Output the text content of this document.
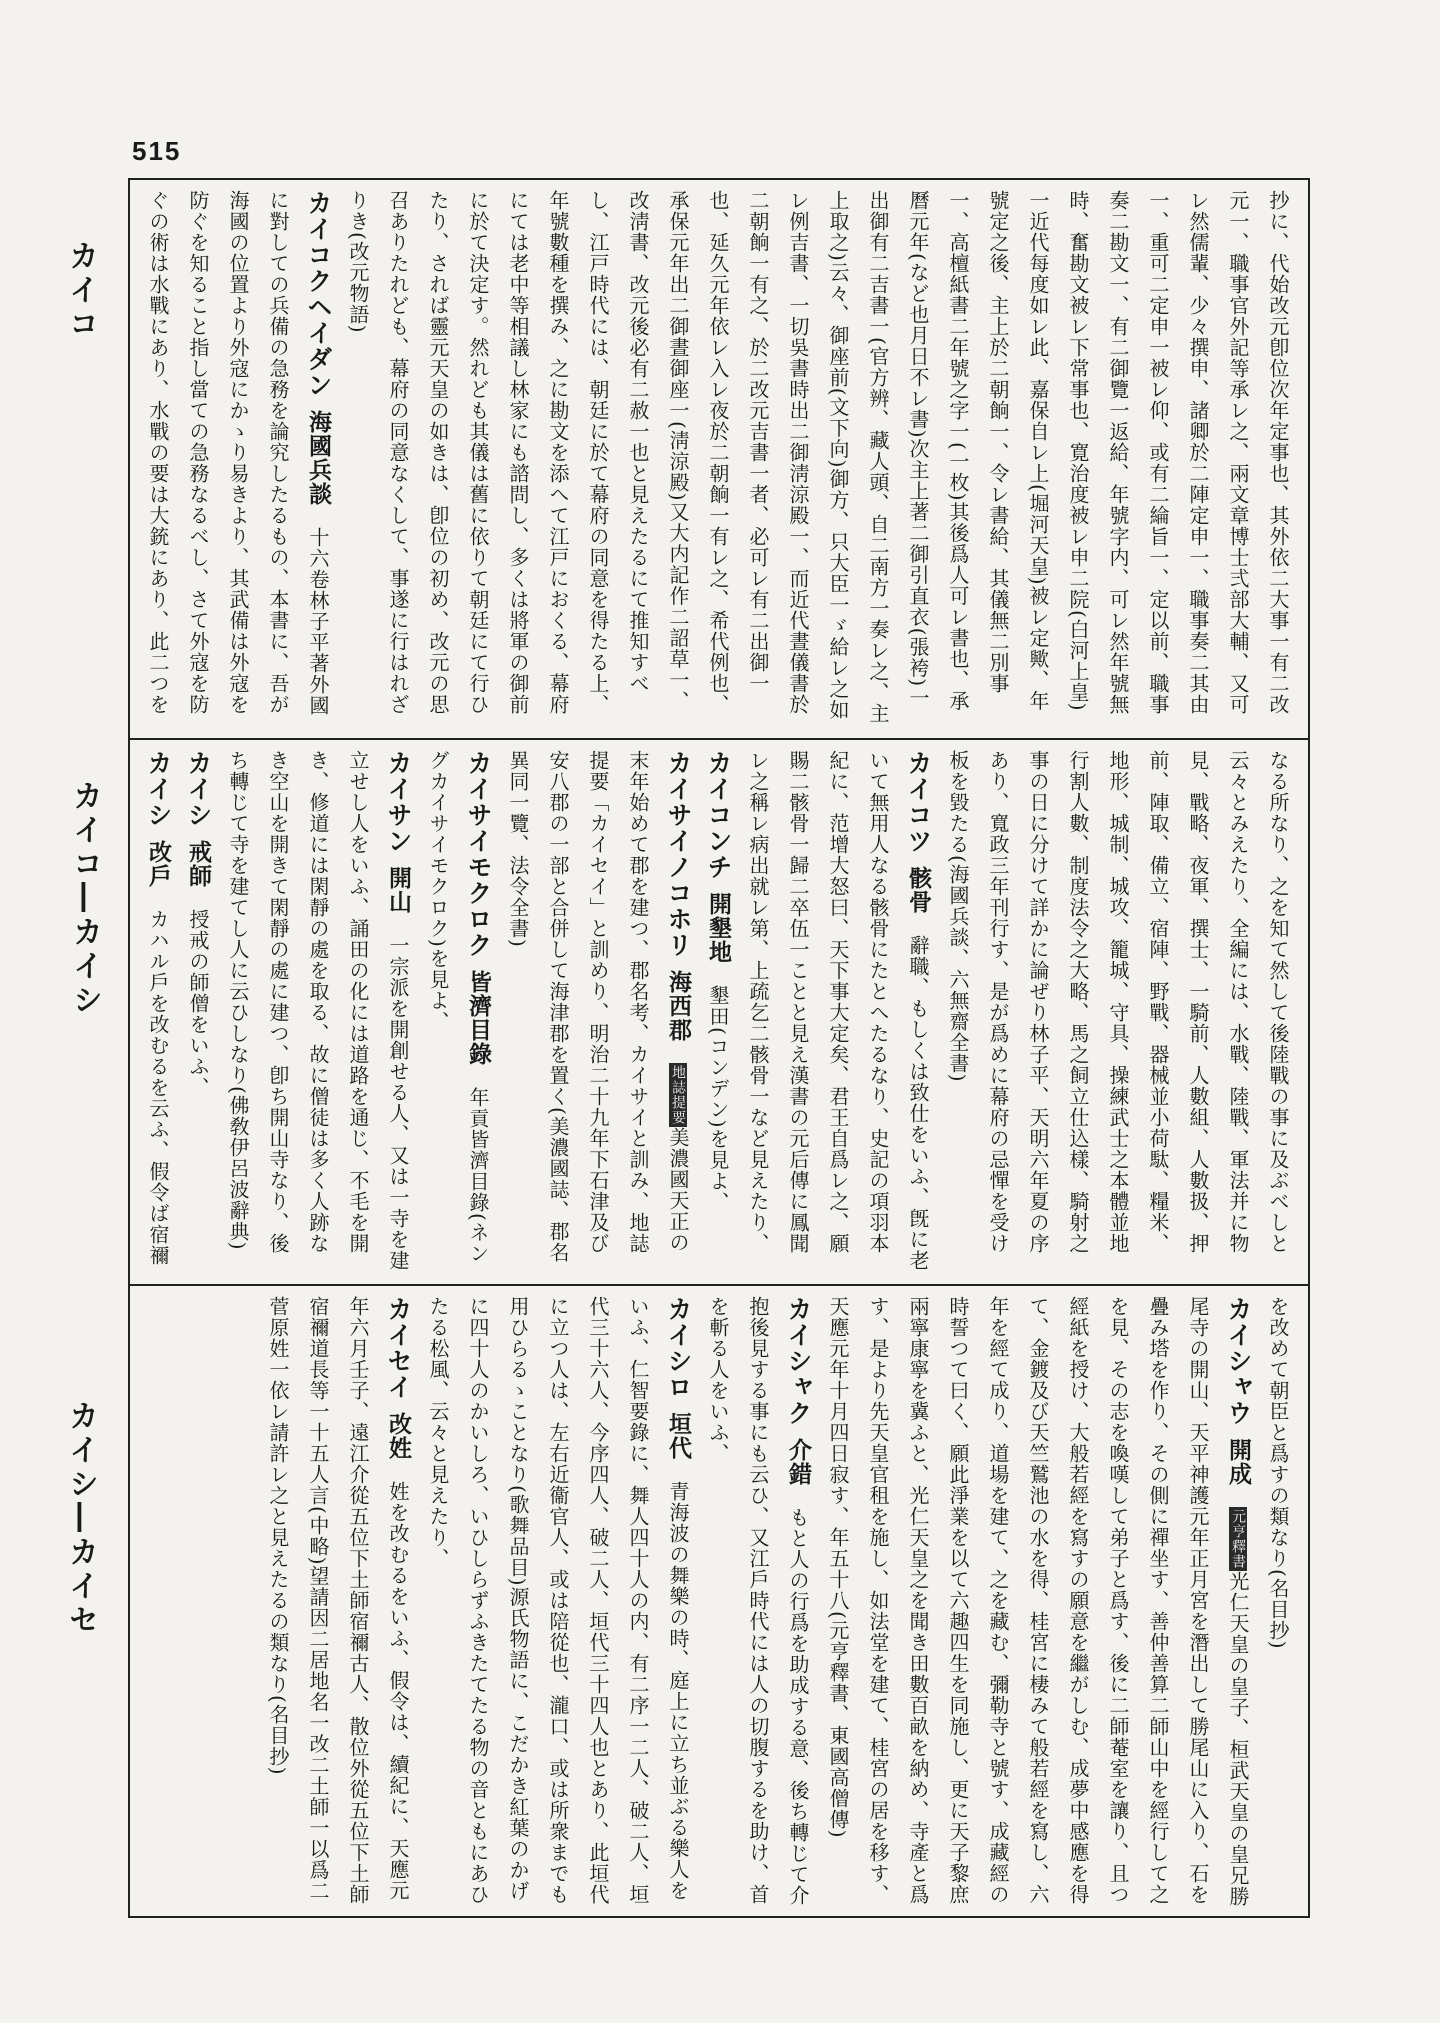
515
カイコ
カイコ―カイシ
カイシ―カイセ

抄に、代始改元卽位次年定事也、其外依二大事一有二改元一、職事官外記等承レ之、兩文章博士弍部大輔、又可レ然儒輩、少々撰申、諸卿於二陣定申一、職事奏二其由一、重可二定申一被レ仰、或有二綸旨一、定以前、職事奏二勘文一、有二御覽一返給、年號字内、可レ然年號無時、奮勘文被レ下常事也、寛治度被レ申二院(白河上皇)一近代每度如レ此、嘉保自レ上(堀河天皇)被レ定歟、年號定之後、主上於二朝餉一、令レ書給、其儀無二別事一、高檀紙書二年號之字一(一枚)其後爲人可レ書也、承曆元年(など也月日不レ書)次主上著二御引直衣(張袴)一出御有二吉書一(官方辨、藏人頭、自二南方一奏レ之、主上取之)云々、御座前(文下向)御方、只大臣一ゞ給レ之如レ例吉書、一切吳書時出二御淸涼殿一、而近代晝儀書於二朝餉一有之、於二改元吉書一者、必可レ有二出御一也、延久元年依レ入レ夜於二朝餉一有レ之、希代例也、承保元年出二御晝御座一(淸涼殿)又大内記作二詔草一、改淸書、改元後必有二赦一也と見えたるにて推知すべし、江戸時代には、朝廷に於て幕府の同意を得たる上、年號數種を撰み、之に勘文を添へて江戸におくる、幕府にては老中等相議し林家にも諮問し、多くは將軍の御前に於て決定す。然れども其儀は舊に依りて朝廷にて行ひたり、されば靈元天皇の如きは、卽位の初め、改元の思召ありたれども、幕府の同意なくして、事遂に行はれざりき(改元物語)

カイコクヘイダン海國兵談　十六卷林子平著外國に對しての兵備の急務を論究したるもの、本書に、吾が海國の位置より外寇にかゝり易きより、其武備は外寇を防ぐを知ること指し當ての急務なるべし、さて外寇を防ぐの術は水戰にあり、水戰の要は大銃にあり、此二つを

なる所なり、之を知て然して後陸戰の事に及ぶべしと云々とみえたり、全編には、水戰、陸戰、軍法并に物見、戰略、夜軍、撰士、一騎前、人數組、人數扱、押前、陣取、備立、宿陣、野戰、器械並小荷駄、糧米、地形、城制、城攻、籠城、守具、操練武士之本體並地行割人數、制度法令之大略、馬之飼立仕込樣、騎射之事の日に分けて詳かに論ぜり林子平、天明六年夏の序あり、寬政三年刊行す、是が爲めに幕府の忌憚を受け板を毀たる(海國兵談、六無齋全書)

カイコツ骸骨　辭職、もしくは致仕をいふ、旣に老いて無用人なる骸骨にたとへたるなり、史記の項羽本紀に、范增大怒曰、天下事大定矣、君王自爲レ之、願賜二骸骨一歸二卒伍一ことと見え漢書の元后傳に鳳聞レ之稱レ病出就レ第、上疏乞二骸骨一など見えたり、

カイコンチ開墾地　墾田(コンデン)を見よ、

カイサイノコホリ海西郡　地誌提要美濃國天正の末年始めて郡を建つ、郡名考、カイサイと訓み、地誌提要「カイセイ」と訓めり、明治二十九年下石津及び安八郡の一部と合併して海津郡を置く(美濃國誌、郡名異同一覽、法令全書)

カイサイモクロク皆濟目錄　年貢皆濟目錄(ネングカイサイモクロク)を見よ、

カイサン開山　一宗派を開創せる人、又は一寺を建立せし人をいふ、誦田の化には道路を通じ、不毛を開き、修道には閑靜の處を取る、故に僧徒は多く人跡なき空山を開きて閑靜の處に建つ、卽ち開山寺なり、後ち轉じて寺を建てし人に云ひしなり(佛敎伊呂波辭典)

カイシ戒師　授戒の師僧をいふ、

カイシ改戶　カハル戶を改むるを云ふ、假令ば宿禰

を改めて朝臣と爲すの類なり(名目抄)

カイシャウ開成　元亨釋書光仁天皇の皇子、桓武天皇の皇兄勝尾寺の開山、天平神護元年正月宮を潛出して勝尾山に入り、石を疊み塔を作り、その側に禪坐す、善仲善算二師山中を經行して之を見、その志を喚嘆して弟子と爲す、後に二師菴室を讓り、且つ經紙を授け、大般若經を寫すの願意を繼がしむ、成夢中感應を得て、金鍍及び天竺鷲池の水を得、桂宮に棲みて般若經を寫し、六年を經て成り、道場を建て、之を藏む、彌勒寺と號す、成藏經の時誓つて曰く、願此淨業を以て六趣四生を同施し、更に天子黎庶兩寧康寧を冀ふと、光仁天皇之を聞き田數百畝を納め、寺產と爲す、是より先天皇官租を施し、如法堂を建て、桂宮の居を移す、天應元年十月四日寂す、年五十八(元亨釋書、東國高僧傳)

カイシャク介錯　もと人の行爲を助成する意、後ち轉じて介抱後見する事にも云ひ、又江戶時代には人の切腹するを助け、首を斬る人をいふ、

カイシロ垣代　青海波の舞樂の時、庭上に立ち並ぶる樂人をいふ、仁智要錄に、舞人四十人の内、有二序一二人、破二人、垣代三十六人、今序四人、破二人、垣代三十四人也とあり、此垣代に立つ人は、左右近衞官人、或は陪從也、瀧口、或は所衆までも用ひらるゝことなり(歌舞品目)源氏物語に、こだかき紅葉のかげに四十人のかいしろ、いひしらずふきたてたる物の音ともにあひたる松風、云々と見えたり、

カイセイ改姓　姓を改むるをいふ、假令は、續紀に、天應元年六月壬子、遠江介從五位下土師宿禰古人、散位外從五位下土師宿禰道長等一十五人言(中略)望請因二居地名一改二土師一以爲二菅原姓一依レ請許レ之と見えたるの類なり(名目抄)
